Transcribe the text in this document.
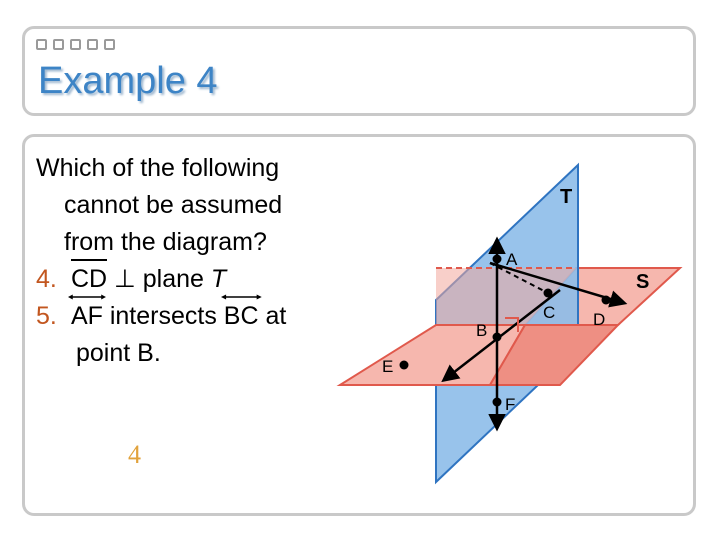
Example 4
Which of the following
cannot be assumed
from the diagram?
4. CD ⊥ plane T
5. AF intersects
BC at
point B.
4
T
S
A
B
C D
E
F
